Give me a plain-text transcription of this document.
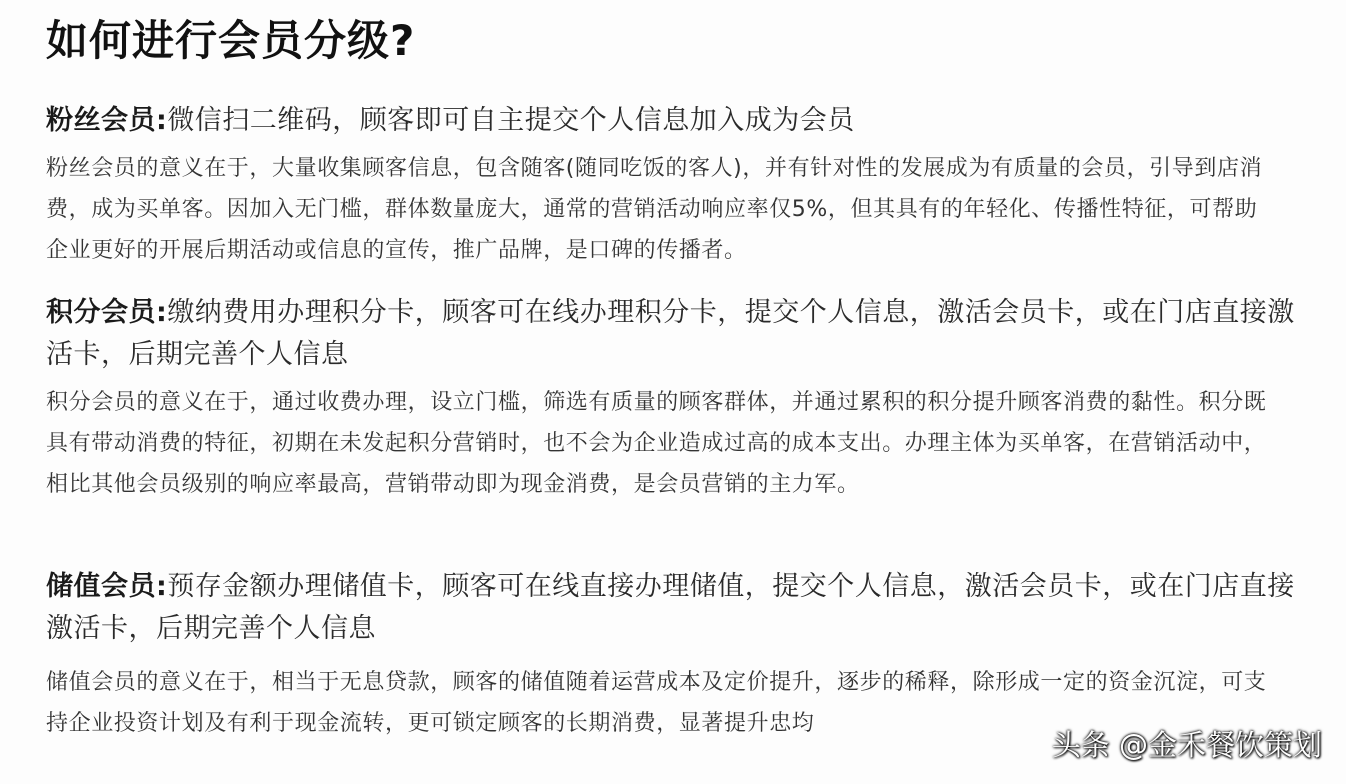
如何进行会员分级?
粉丝会员:微信扫二维码，顾客即可自主提交个人信息加入成为会员
粉丝会员的意义在于，大量收集顾客信息，包含随客(随同吃饭的客人)，并有针对性的发展成为有质量的会员，引导到店消费，成为买单客。因加入无门槛，群体数量庞大，通常的营销活动响应率仅5%，但其具有的年轻化、传播性特征，可帮助企业更好的开展后期活动或信息的宣传，推广品牌，是口碑的传播者。
积分会员:缴纳费用办理积分卡，顾客可在线办理积分卡，提交个人信息，激活会员卡，或在门店直接激活卡，后期完善个人信息
积分会员的意义在于，通过收费办理，设立门槛，筛选有质量的顾客群体，并通过累积的积分提升顾客消费的黏性。积分既具有带动消费的特征，初期在未发起积分营销时，也不会为企业造成过高的成本支出。办理主体为买单客，在营销活动中，相比其他会员级别的响应率最高，营销带动即为现金消费，是会员营销的主力军。
储值会员:预存金额办理储值卡，顾客可在线直接办理储值，提交个人信息，激活会员卡，或在门店直接激活卡，后期完善个人信息
储值会员的意义在于，相当于无息贷款，顾客的储值随着运营成本及定价提升，逐步的稀释，除形成一定的资金沉淀，可支持企业投资计划及有利于现金流转，更可锁定顾客的长期消费，显著提升忠均
头条 @金禾餐饮策划
